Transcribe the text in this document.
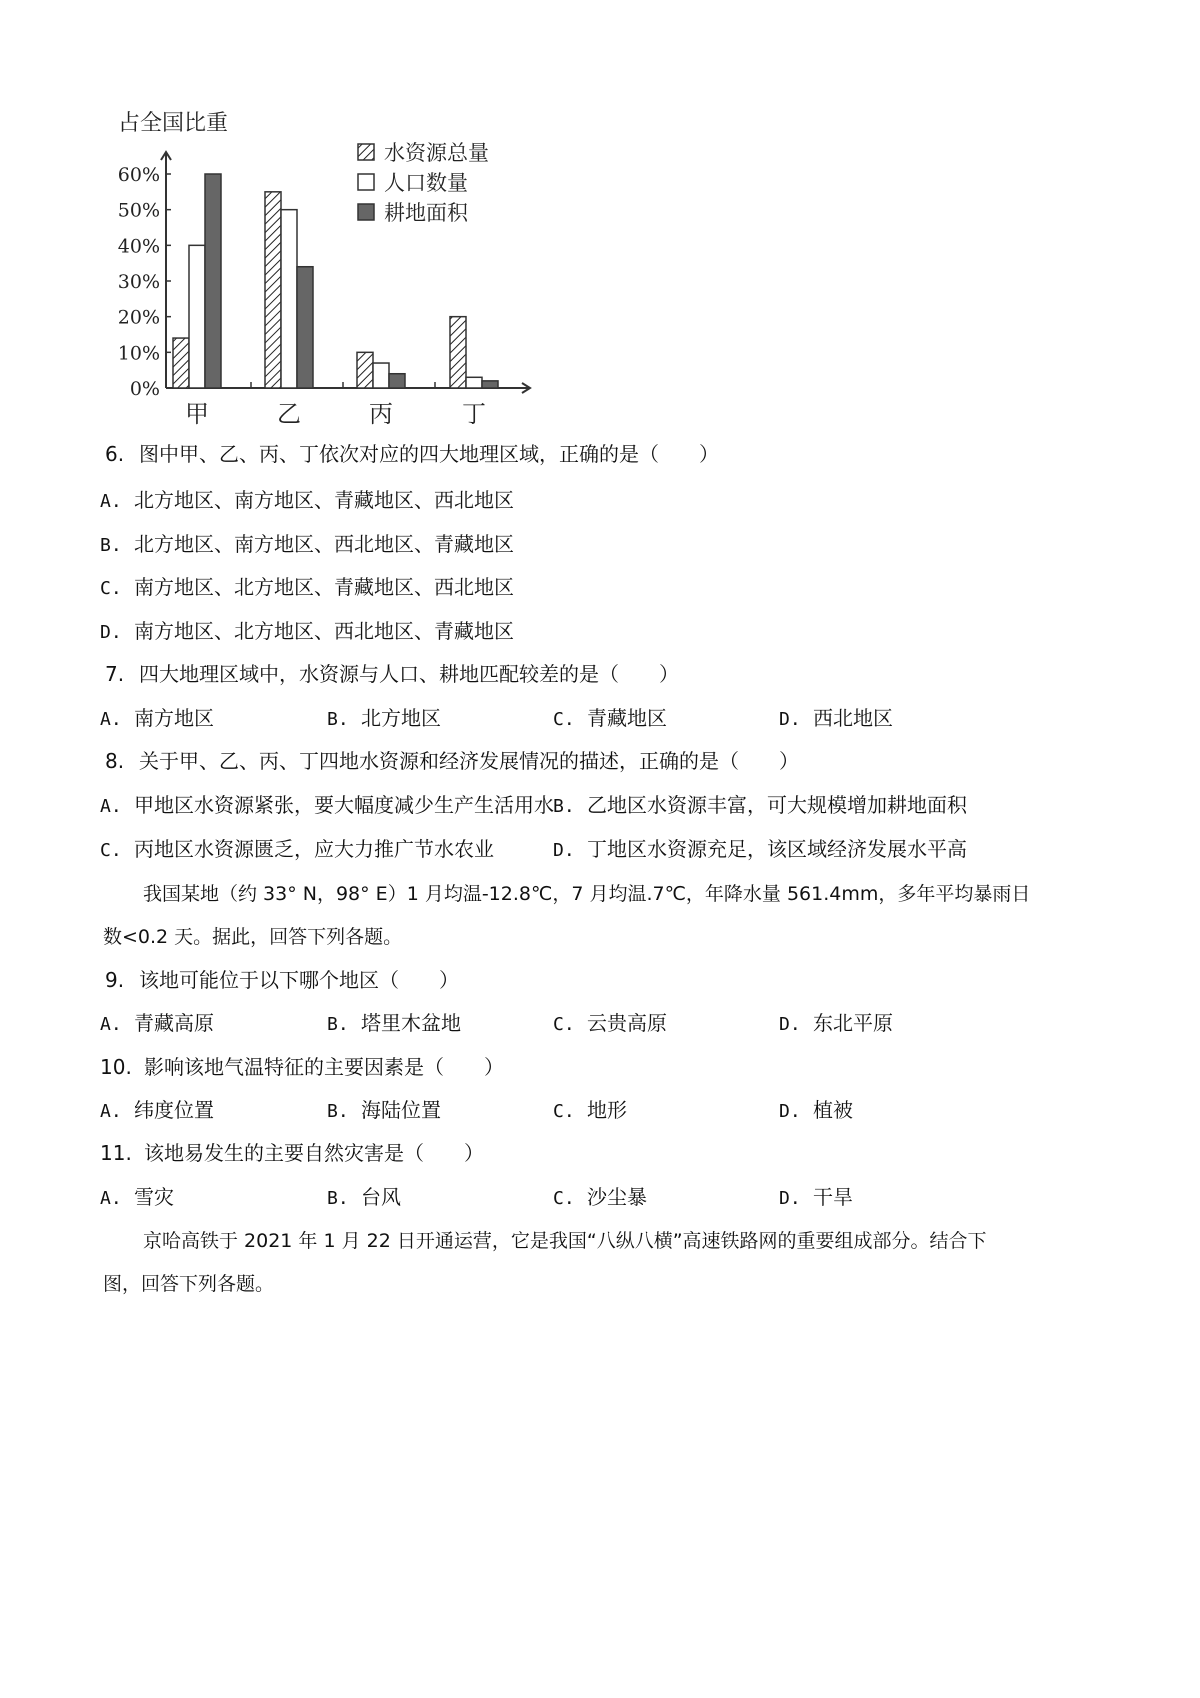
占全国比重
0%
10%
20%
30%
40%
50%
60%
甲	乙	丙	丁
水资源总量
人口数量
耕地面积
6. 图中甲、乙、丙、丁依次对应的四大地理区域，正确的是（　　）
A. 北方地区、南方地区、青藏地区、西北地区
B. 北方地区、南方地区、西北地区、青藏地区
C. 南方地区、北方地区、青藏地区、西北地区
D. 南方地区、北方地区、西北地区、青藏地区
7. 四大地理区域中，水资源与人口、耕地匹配较差的是（　　）
A. 南方地区	B. 北方地区	C. 青藏地区	D. 西北地区
8. 关于甲、乙、丙、丁四地水资源和经济发展情况的描述，正确的是（　　）
A. 甲地区水资源紧张，要大幅度减少生产生活用水 B. 乙地区水资源丰富，可大规模增加耕地面积
C. 丙地区水资源匮乏，应大力推广节水农业	D. 丁地区水资源充足，该区域经济发展水平高
我国某地（约 33° N，98° E）1 月均温-12.8℃，7 月均温.7℃，年降水量 561.4mm，多年平均暴雨日
数<0.2 天。据此，回答下列各题。
9. 该地可能位于以下哪个地区（　　）
A. 青藏高原	B. 塔里木盆地	C. 云贵高原	D. 东北平原
10. 影响该地气温特征的主要因素是（　　）
A. 纬度位置	B. 海陆位置	C. 地形	D. 植被
11. 该地易发生的主要自然灾害是（　　）
A. 雪灾	B. 台风	C. 沙尘暴	D. 干旱
京哈高铁于 2021 年 1 月 22 日开通运营，它是我国“八纵八横”高速铁路网的重要组成部分。结合下
图，回答下列各题。
